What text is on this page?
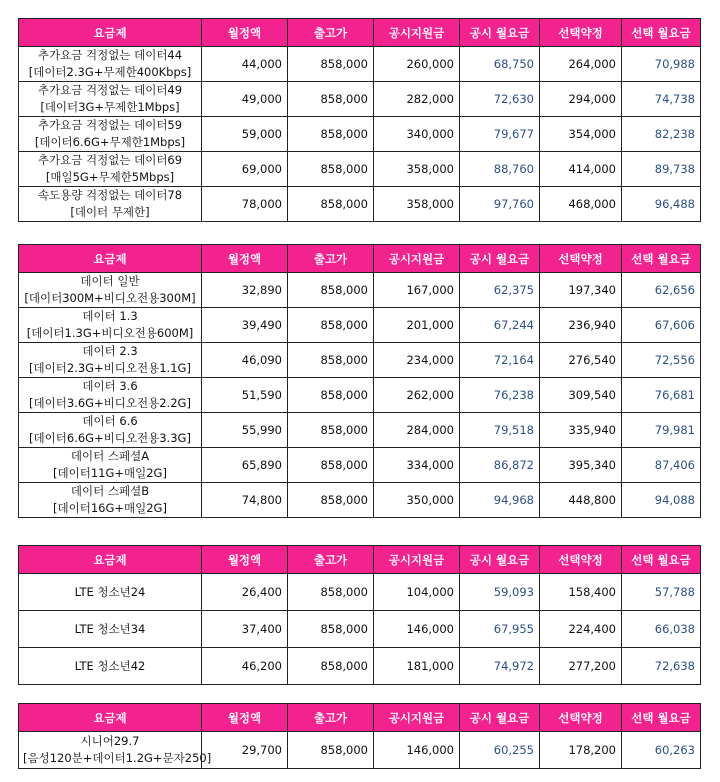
요금제	월정액	출고가	공시지원금	공시 월요금	선택약정	선택 월요금

추가요금 걱정없는 데이터44
[데이터2.3G+무제한400Kbps]	44,000	858,000	260,000	68,750	264,000	70,988

추가요금 걱정없는 데이터49
[데이터3G+무제한1Mbps]	49,000	858,000	282,000	72,630	294,000	74,738

추가요금 걱정없는 데이터59
[데이터6.6G+무제한1Mbps]	59,000	858,000	340,000	79,677	354,000	82,238

추가요금 걱정없는 데이터69
[매일5G+무제한5Mbps]	69,000	858,000	358,000	88,760	414,000	89,738

속도용량 걱정없는 데이터78
[데이터 무제한]	78,000	858,000	358,000	97,760	468,000	96,488
요금제	월정액	출고가	공시지원금	공시 월요금	선택약정	선택 월요금

데이터 일반
[데이터300M+비디오전용300M]	32,890	858,000	167,000	62,375	197,340	62,656

데이터 1.3
[데이터1.3G+비디오전용600M]	39,490	858,000	201,000	67,244	236,940	67,606

데이터 2.3
[데이터2.3G+비디오전용1.1G]	46,090	858,000	234,000	72,164	276,540	72,556

데이터 3.6
[데이터3.6G+비디오전용2.2G]	51,590	858,000	262,000	76,238	309,540	76,681

데이터 6.6
[데이터6.6G+비디오전용3.3G]	55,990	858,000	284,000	79,518	335,940	79,981

데이터 스페셜A
[데이터11G+매일2G]	65,890	858,000	334,000	86,872	395,340	87,406

데이터 스페셜B
[데이터16G+매일2G]	74,800	858,000	350,000	94,968	448,800	94,088
요금제	월정액	출고가	공시지원금	공시 월요금	선택약정	선택 월요금

LTE 청소년24	26,400	858,000	104,000	59,093	158,400	57,788

LTE 청소년34	37,400	858,000	146,000	67,955	224,400	66,038

LTE 청소년42	46,200	858,000	181,000	74,972	277,200	72,638
요금제	월정액	출고가	공시지원금	공시 월요금	선택약정	선택 월요금

시니어29.7
[음성120분+데이터1.2G+문자250]	29,700	858,000	146,000	60,255	178,200	60,263
